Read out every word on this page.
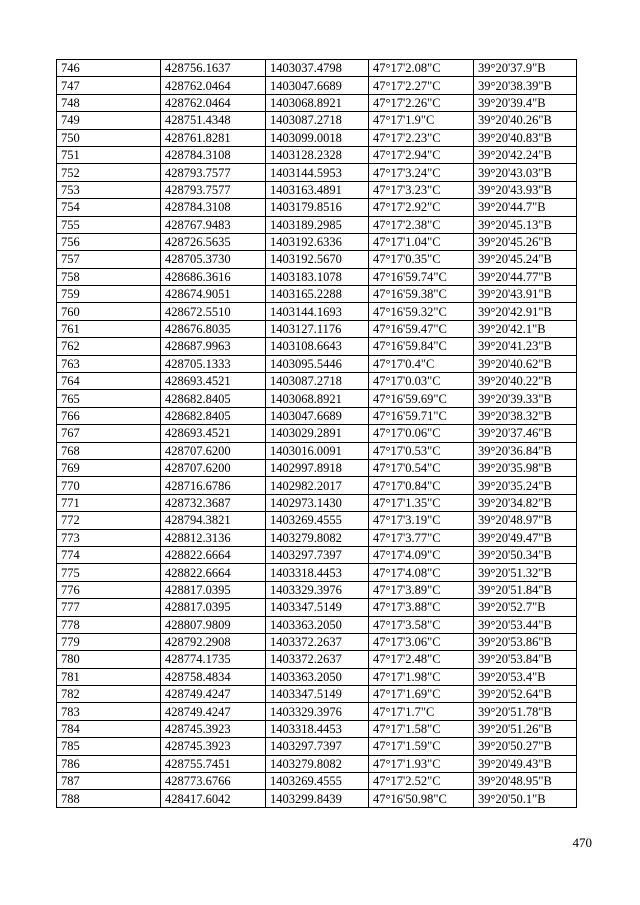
746	428756.1637	1403037.4798	47°17'2.08"С	39°20'37.9"В
747	428762.0464	1403047.6689	47°17'2.27"С	39°20'38.39"В
748	428762.0464	1403068.8921	47°17'2.26"С	39°20'39.4"В
749	428751.4348	1403087.2718	47°17'1.9"С	39°20'40.26"В
750	428761.8281	1403099.0018	47°17'2.23"С	39°20'40.83"В
751	428784.3108	1403128.2328	47°17'2.94"С	39°20'42.24"В
752	428793.7577	1403144.5953	47°17'3.24"С	39°20'43.03"В
753	428793.7577	1403163.4891	47°17'3.23"С	39°20'43.93"В
754	428784.3108	1403179.8516	47°17'2.92"С	39°20'44.7"В
755	428767.9483	1403189.2985	47°17'2.38"С	39°20'45.13"В
756	428726.5635	1403192.6336	47°17'1.04"С	39°20'45.26"В
757	428705.3730	1403192.5670	47°17'0.35"С	39°20'45.24"В
758	428686.3616	1403183.1078	47°16'59.74"С	39°20'44.77"В
759	428674.9051	1403165.2288	47°16'59.38"С	39°20'43.91"В
760	428672.5510	1403144.1693	47°16'59.32"С	39°20'42.91"В
761	428676.8035	1403127.1176	47°16'59.47"С	39°20'42.1"В
762	428687.9963	1403108.6643	47°16'59.84"С	39°20'41.23"В
763	428705.1333	1403095.5446	47°17'0.4"С	39°20'40.62"В
764	428693.4521	1403087.2718	47°17'0.03"С	39°20'40.22"В
765	428682.8405	1403068.8921	47°16'59.69"С	39°20'39.33"В
766	428682.8405	1403047.6689	47°16'59.71"С	39°20'38.32"В
767	428693.4521	1403029.2891	47°17'0.06"С	39°20'37.46"В
768	428707.6200	1403016.0091	47°17'0.53"С	39°20'36.84"В
769	428707.6200	1402997.8918	47°17'0.54"С	39°20'35.98"В
770	428716.6786	1402982.2017	47°17'0.84"С	39°20'35.24"В
771	428732.3687	1402973.1430	47°17'1.35"С	39°20'34.82"В
772	428794.3821	1403269.4555	47°17'3.19"С	39°20'48.97"В
773	428812.3136	1403279.8082	47°17'3.77"С	39°20'49.47"В
774	428822.6664	1403297.7397	47°17'4.09"С	39°20'50.34"В
775	428822.6664	1403318.4453	47°17'4.08"С	39°20'51.32"В
776	428817.0395	1403329.3976	47°17'3.89"С	39°20'51.84"В
777	428817.0395	1403347.5149	47°17'3.88"С	39°20'52.7"В
778	428807.9809	1403363.2050	47°17'3.58"С	39°20'53.44"В
779	428792.2908	1403372.2637	47°17'3.06"С	39°20'53.86"В
780	428774.1735	1403372.2637	47°17'2.48"С	39°20'53.84"В
781	428758.4834	1403363.2050	47°17'1.98"С	39°20'53.4"В
782	428749.4247	1403347.5149	47°17'1.69"С	39°20'52.64"В
783	428749.4247	1403329.3976	47°17'1.7"С	39°20'51.78"В
784	428745.3923	1403318.4453	47°17'1.58"С	39°20'51.26"В
785	428745.3923	1403297.7397	47°17'1.59"С	39°20'50.27"В
786	428755.7451	1403279.8082	47°17'1.93"С	39°20'49.43"В
787	428773.6766	1403269.4555	47°17'2.52"С	39°20'48.95"В
788	428417.6042	1403299.8439	47°16'50.98"С	39°20'50.1"В
470
